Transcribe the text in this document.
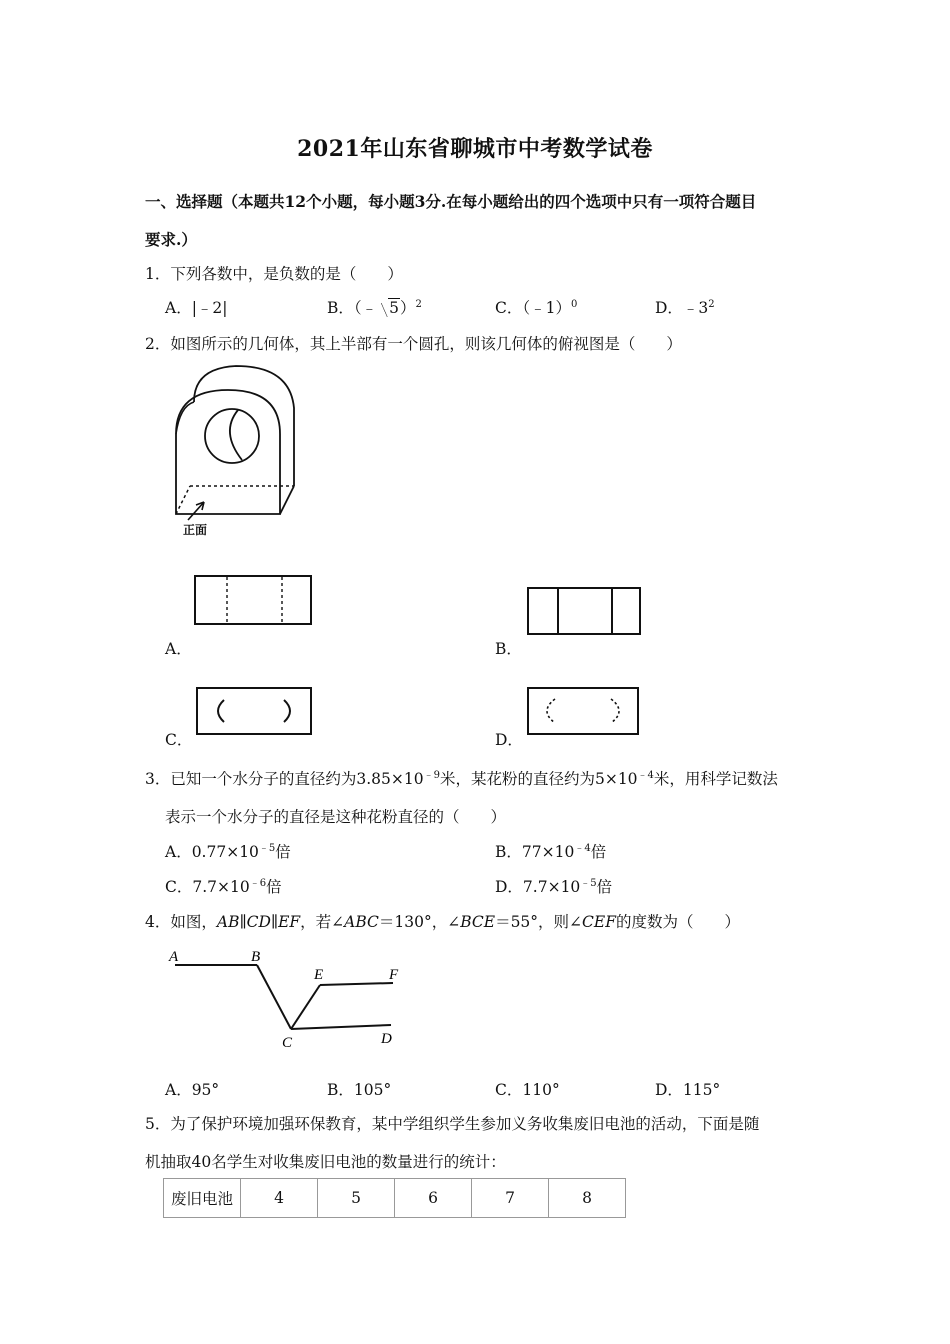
2021年山东省聊城市中考数学试卷
一、选择题（本题共12个小题，每小题3分.在每小题给出的四个选项中只有一项符合题目
要求.）
1．下列各数中，是负数的是（　　）
A．|﹣2|	B．（﹣ 5）$^2$	C．（﹣1）$^0$	D．$﹣3^2$
2．如图所示的几何体，其上半部有一个圆孔，则该几何体的俯视图是（　　）
正面
A．	B．
C．	D．
3．已知一个水分子的直径约为$3.85\times 10^{﹣9}$米，某花粉的直径约为$5\times 10^{﹣4}$米，用科学记数法
表示一个水分子的直径是这种花粉直径的（　　）
A．$0.77\times 10^{﹣5}$倍	B．$77\times 10^{﹣4}$倍
C．$7.7\times 10^{﹣6}$倍	D．$7.7\times 10^{﹣5}$倍
4．如图，AB∥CD∥EF，若∠ABC＝130°，∠BCE＝55°，则∠CEF的度数为（　　）
A	B
C	D
E	F
A．95°	B．105°	C．110°	D．115°
5．为了保护环境加强环保教育，某中学组织学生参加义务收集废旧电池的活动，下面是随
机抽取40名学生对收集废旧电池的数量进行的统计：
废旧电池	4	5	6	7	8
